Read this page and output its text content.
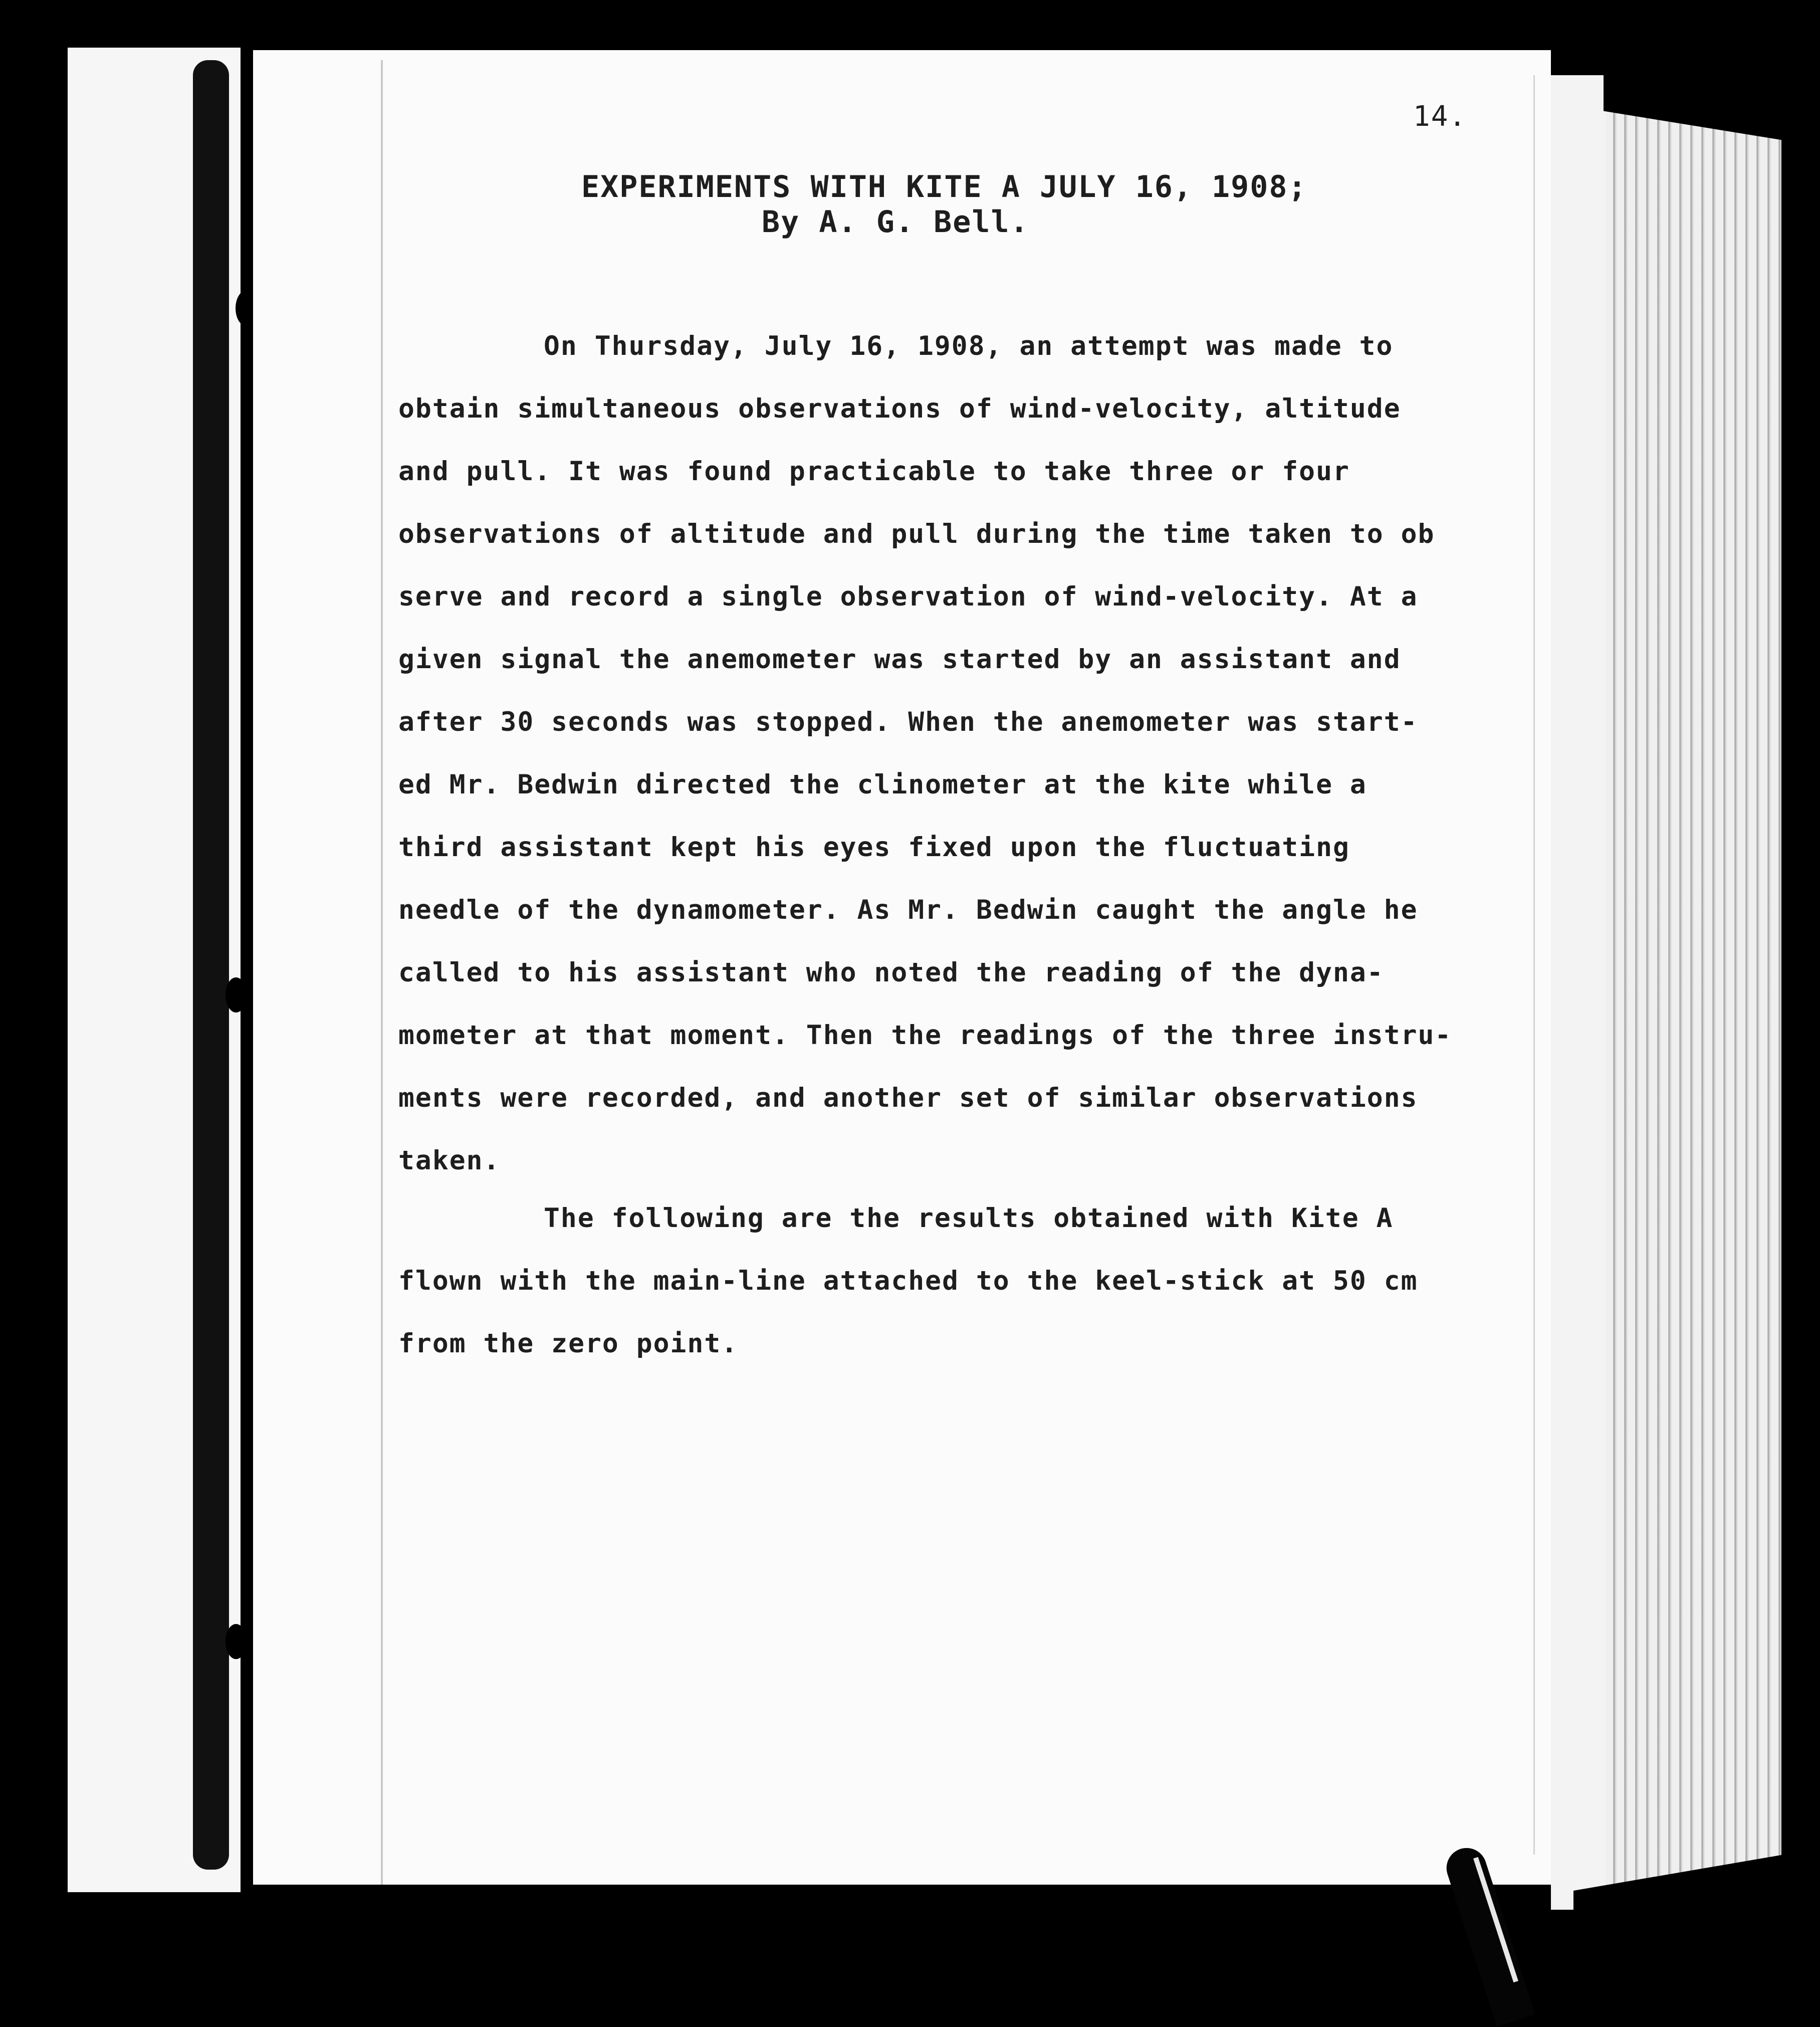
14.
EXPERIMENTS WITH KITE A JULY 16, 1908;
By A. G. Bell.
On Thursday, July 16, 1908, an attempt was made to
obtain simultaneous observations of wind-velocity, altitude
and pull. It was found practicable to take three or four
observations of altitude and pull during the time taken to ob
serve and record a single observation of wind-velocity. At a
given signal the anemometer was started by an assistant and
after 30 seconds was stopped. When the anemometer was start-
ed Mr. Bedwin directed the clinometer at the kite while a
third assistant kept his eyes fixed upon the fluctuating
needle of the dynamometer. As Mr. Bedwin caught the angle he
called to his assistant who noted the reading of the dyna-
mometer at that moment. Then the readings of the three instru-
ments were recorded, and another set of similar observations
taken.
The following are the results obtained with Kite A
flown with the main-line attached to the keel-stick at 50 cm
from the zero point.
